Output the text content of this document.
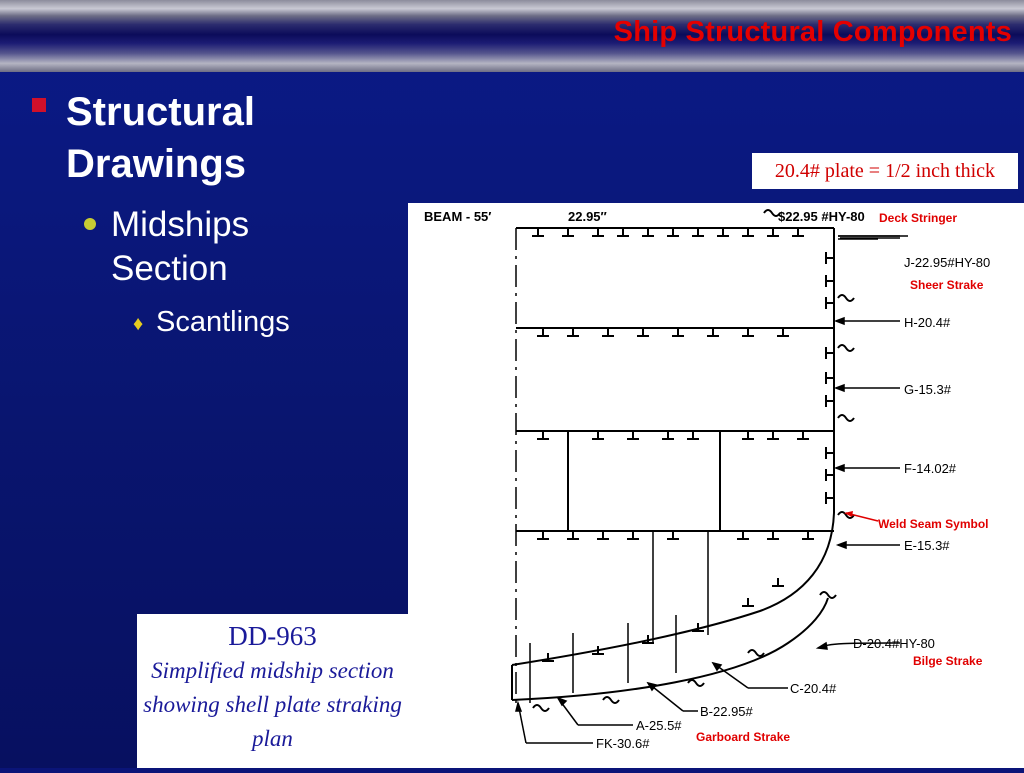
Ship Structural Components
Structural Drawings
Midships Section
♦ Scantlings
20.4# plate = 1/2 inch thick
BEAM - 55′	22.95′′	$22.95 #HY-80
J-22.95#HY-80
H-20.4#
G-15.3#
F-14.02#
E-15.3#
D-20.4#HY-80
C-20.4#
B-22.95#
A-25.5#
FK-30.6#
Deck Stringer
Sheer Strake
Weld Seam Symbol
Bilge Strake
Garboard Strake
DD-963
Simplified midship section showing shell plate straking plan
